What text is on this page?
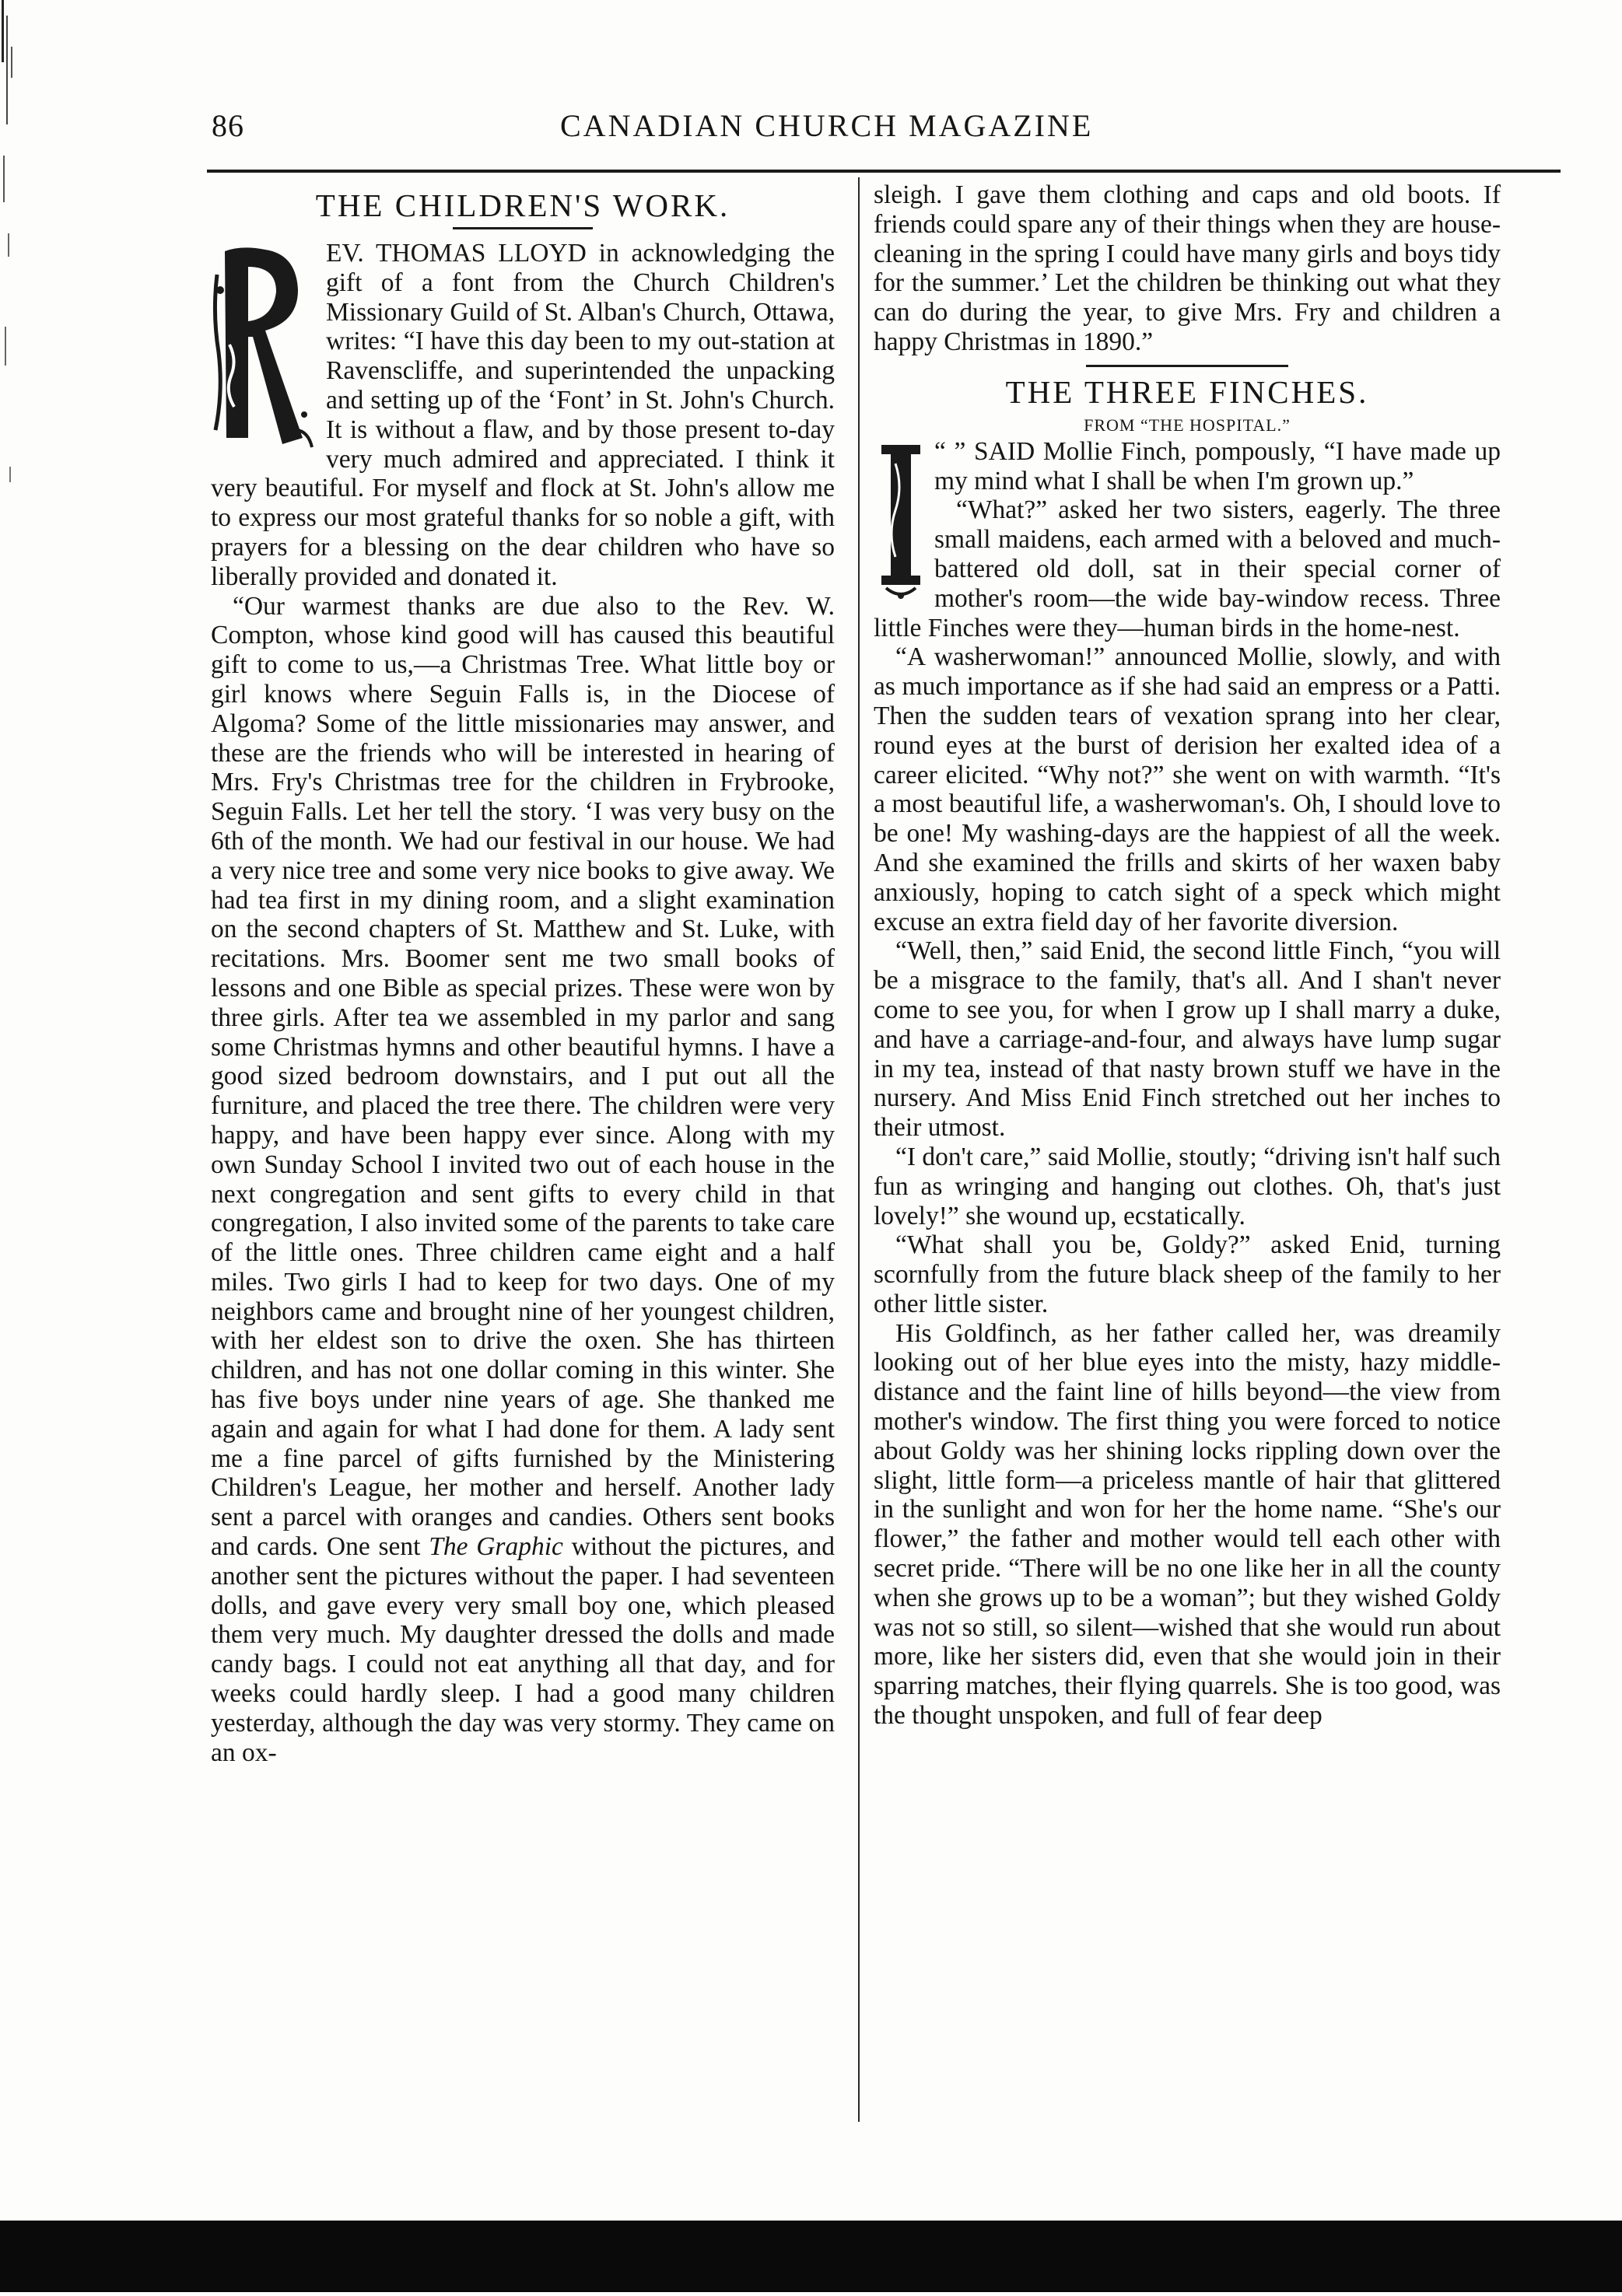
86	CANADIAN CHURCH MAGAZINE
THE CHILDREN'S WORK.

EV. THOMAS LLOYD in acknowledging the gift of a font from the Church Children's Missionary Guild of St. Alban's Church, Ottawa, writes: “I have this day been to my out-station at Ravenscliffe, and superintended the unpacking and setting up of the ‘Font’ in St. John's Church. It is without a flaw, and by those present to-day very much admired and appreciated. I think it very beautiful. For myself and flock at St. John's allow me to express our most grateful thanks for so noble a gift, with prayers for a blessing on the dear children who have so liberally provided and donated it.

“Our warmest thanks are due also to the Rev. W. Compton, whose kind good will has caused this beautiful gift to come to us,—a Christmas Tree. What little boy or girl knows where Seguin Falls is, in the Diocese of Algoma? Some of the little missionaries may answer, and these are the friends who will be interested in hearing of Mrs. Fry's Christmas tree for the children in Frybrooke, Seguin Falls. Let her tell the story. ‘I was very busy on the 6th of the month. We had our festival in our house. We had a very nice tree and some very nice books to give away. We had tea first in my dining room, and a slight examination on the second chapters of St. Matthew and St. Luke, with recitations. Mrs. Boomer sent me two small books of lessons and one Bible as special prizes. These were won by three girls. After tea we assembled in my parlor and sang some Christmas hymns and other beautiful hymns. I have a good sized bedroom downstairs, and I put out all the furniture, and placed the tree there. The children were very happy, and have been happy ever since. Along with my own Sunday School I invited two out of each house in the next congregation and sent gifts to every child in that congregation, I also invited some of the parents to take care of the little ones. Three children came eight and a half miles. Two girls I had to keep for two days. One of my neighbors came and brought nine of her youngest children, with her eldest son to drive the oxen. She has thirteen children, and has not one dollar coming in this winter. She has five boys under nine years of age. She thanked me again and again for what I had done for them. A lady sent me a fine parcel of gifts furnished by the Ministering Children's League, her mother and herself. Another lady sent a parcel with oranges and candies. Others sent books and cards. One sent The Graphic without the pictures, and another sent the pictures without the paper. I had seventeen dolls, and gave every very small boy one, which pleased them very much. My daughter dressed the dolls and made candy bags. I could not eat anything all that day, and for weeks could hardly sleep. I had a good many children yesterday, although the day was very stormy. They came on an ox-

sleigh. I gave them clothing and caps and old boots. If friends could spare any of their things when they are house-cleaning in the spring I could have many girls and boys tidy for the summer.’ Let the children be thinking out what they can do during the year, to give Mrs. Fry and children a happy Christmas in 1890.”

THE THREE FINCHES.
FROM “THE HOSPITAL.”

“ ” SAID Mollie Finch, pompously, “I have made up my mind what I shall be when I'm grown up.”

“What?” asked her two sisters, eagerly. The three small maidens, each armed with a beloved and much-battered old doll, sat in their special corner of mother's room—the wide bay-window recess. Three little Finches were they—human birds in the home-nest.

“A washerwoman!” announced Mollie, slowly, and with as much importance as if she had said an empress or a Patti. Then the sudden tears of vexation sprang into her clear, round eyes at the burst of derision her exalted idea of a career elicited. “Why not?” she went on with warmth. “It's a most beautiful life, a washerwoman's. Oh, I should love to be one! My washing-days are the happiest of all the week. And she examined the frills and skirts of her waxen baby anxiously, hoping to catch sight of a speck which might excuse an extra field day of her favorite diversion.

“Well, then,” said Enid, the second little Finch, “you will be a misgrace to the family, that's all. And I shan't never come to see you, for when I grow up I shall marry a duke, and have a carriage-and-four, and always have lump sugar in my tea, instead of that nasty brown stuff we have in the nursery. And Miss Enid Finch stretched out her inches to their utmost.

“I don't care,” said Mollie, stoutly; “driving isn't half such fun as wringing and hanging out clothes. Oh, that's just lovely!” she wound up, ecstatically.

“What shall you be, Goldy?” asked Enid, turning scornfully from the future black sheep of the family to her other little sister.

His Goldfinch, as her father called her, was dreamily looking out of her blue eyes into the misty, hazy middle-distance and the faint line of hills beyond—the view from mother's window. The first thing you were forced to notice about Goldy was her shining locks rippling down over the slight, little form—a priceless mantle of hair that glittered in the sunlight and won for her the home name. “She's our flower,” the father and mother would tell each other with secret pride. “There will be no one like her in all the county when she grows up to be a woman”; but they wished Goldy was not so still, so silent—wished that she would run about more, like her sisters did, even that she would join in their sparring matches, their flying quarrels. She is too good, was the thought unspoken, and full of fear deep
